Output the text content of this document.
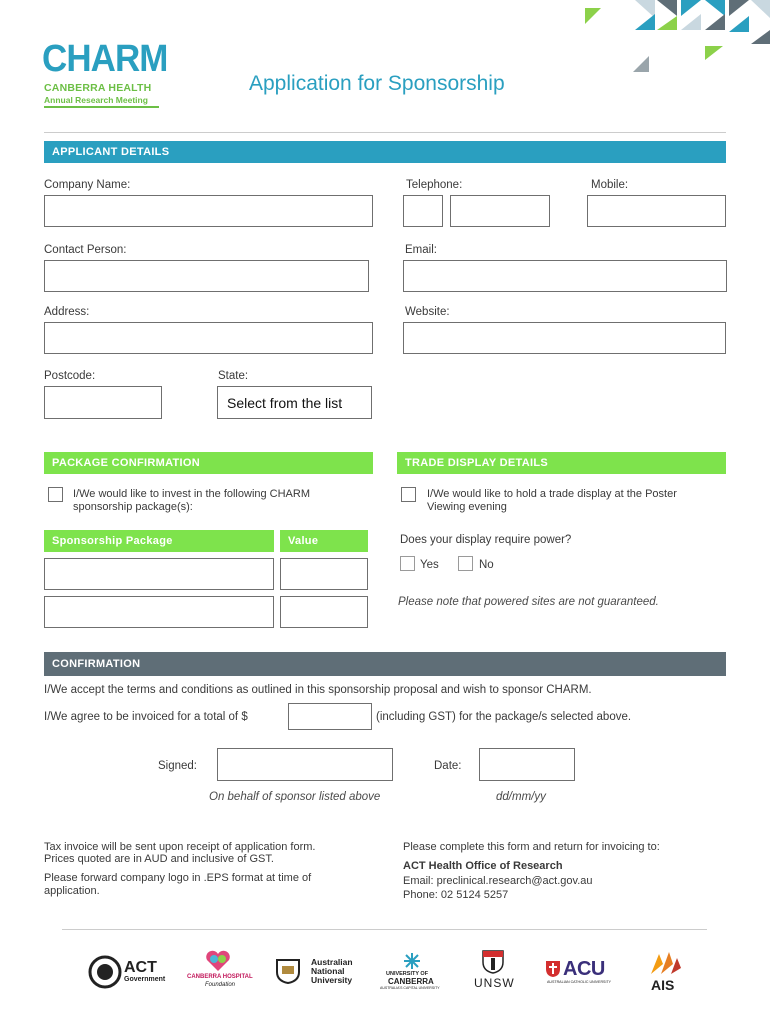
CHARM
CANBERRA HEALTH
Annual Research Meeting
Application for Sponsorship
APPLICANT DETAILS
Company Name:	Telephone:	Mobile:
Contact Person:	Email:
Address:	Website:
Postcode:	State:
Select from the list
PACKAGE CONFIRMATION
I/We would like to invest in the following CHARM sponsorship package(s):
Sponsorship Package	Value
TRADE DISPLAY DETAILS
I/We would like to hold a trade display at the Poster Viewing evening
Does your display require power?
Yes	No
Please note that powered sites are not guaranteed.
CONFIRMATION
I/We accept the terms and conditions as outlined in this sponsorship proposal and wish to sponsor CHARM.
I/We agree to be invoiced for a total of $	(including GST) for the package/s selected above.
Signed:	Date:
On behalf of sponsor listed above	dd/mm/yy
Tax invoice will be sent upon receipt of application form.
Prices quoted are in AUD and inclusive of GST.
Please forward company logo in .EPS format at time of
application.
Please complete this form and return for invoicing to:
ACT Health Office of Research
Email: preclinical.research@act.gov.au
Phone: 02 5124 5257
ACT
Government	CANBERRA HOSPITAL
Foundation
Australian
National
University
UNIVERSITY OF
CANBERRA
AUSTRALIA'S CAPITAL UNIVERSITY	UNSW
ACU
AUSTRALIAN CATHOLIC UNIVERSITY	AIS
